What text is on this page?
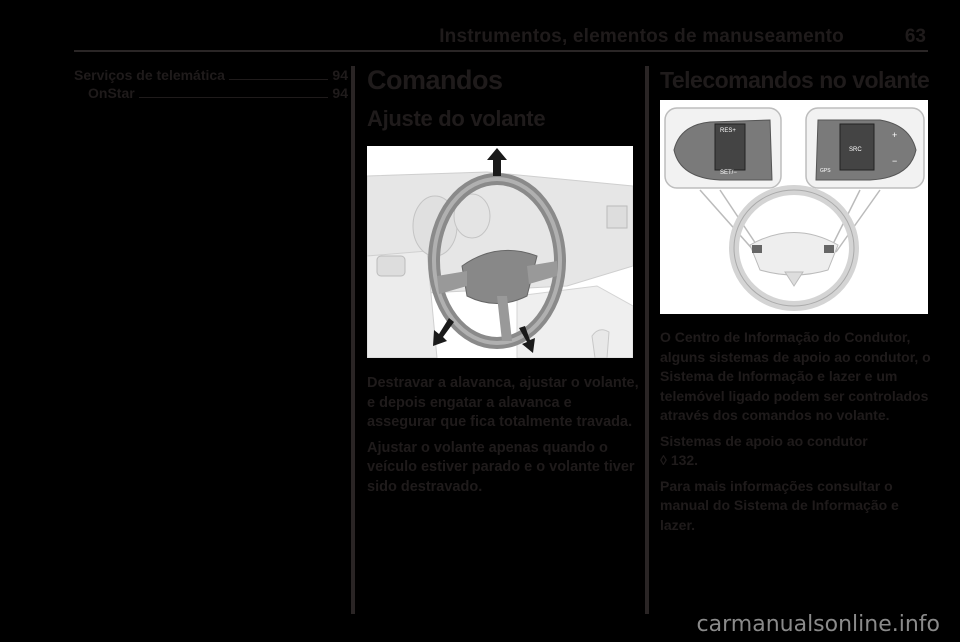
Instrumentos, elementos de manuseamento	63
Serviços de telemática	94
OnStar	94 Comandos
Ajuste do volante

Destravar a alavanca, ajustar o volante, e depois engatar a alavanca e assegurar que fica totalmente travada.

Ajustar o volante apenas quando o veículo estiver parado e o volante tiver sido destravado.

Telecomandos no volante
RES+
SET/−
SRC
+
−
GPS

O Centro de Informação do Condutor, alguns sistemas de apoio ao condutor, o Sistema de Informação e lazer e um telemóvel ligado podem ser controlados através dos comandos no volante.

Sistemas de apoio ao condutor

◊ 132.

Para mais informações consultar o manual do Sistema de Informação e lazer.

carmanualsonline.info
